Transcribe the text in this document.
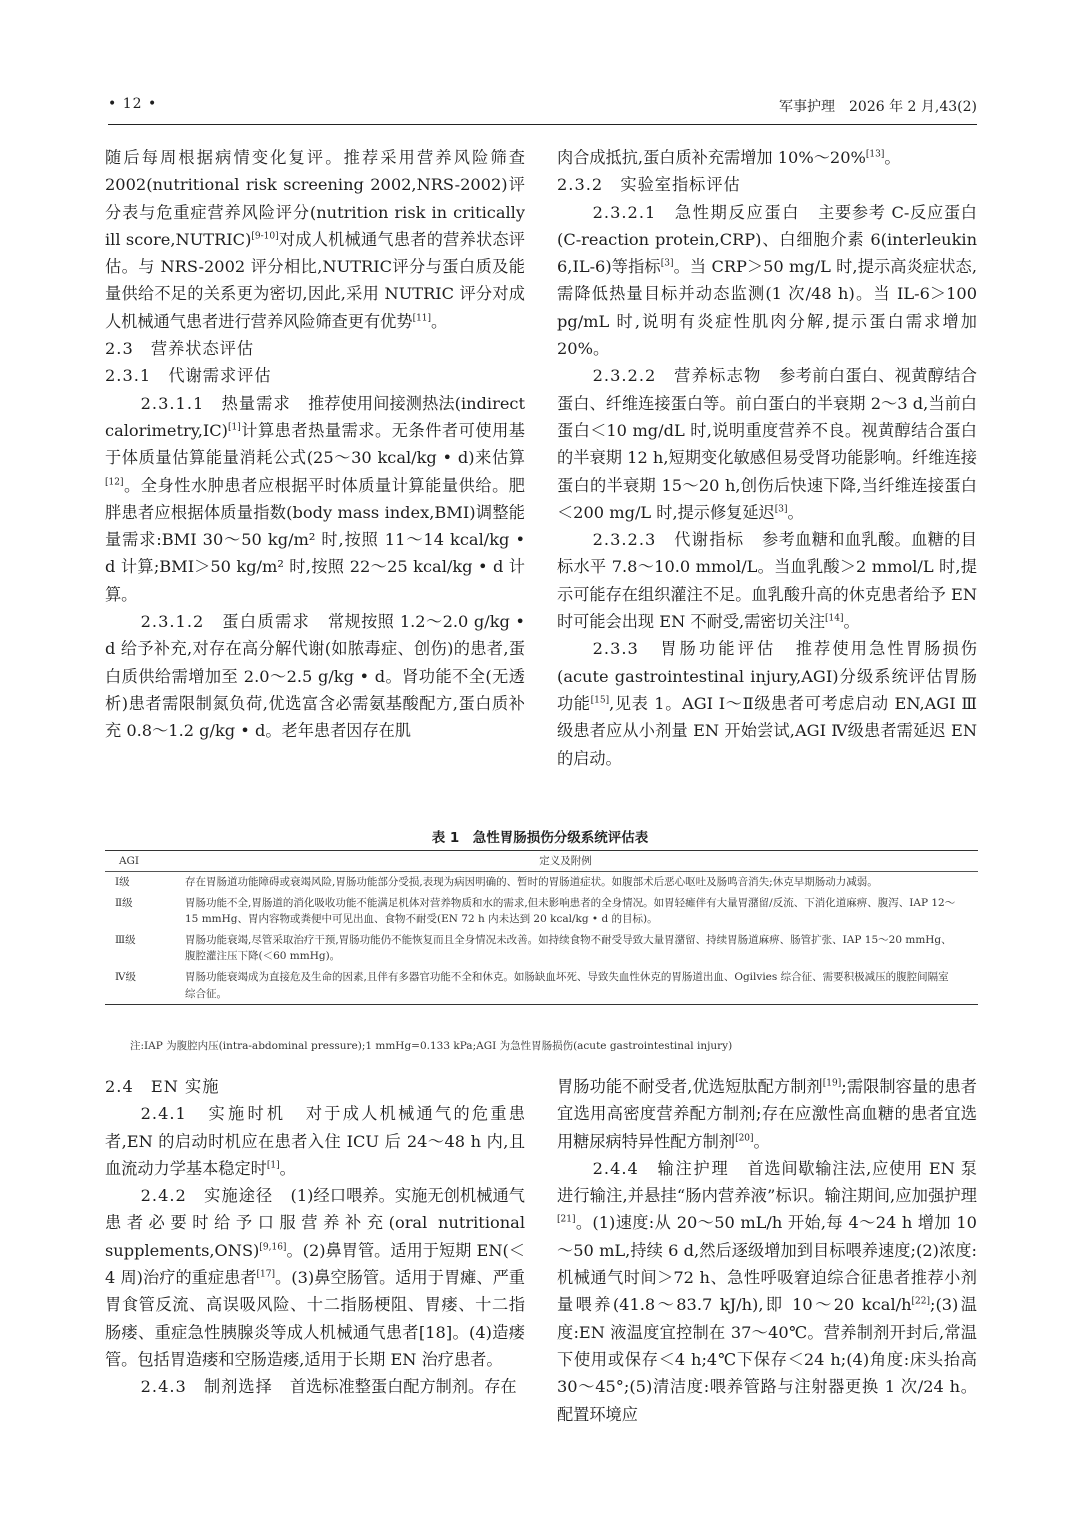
• 12 •	军事护理　2026 年 2 月,43(2)

随后每周根据病情变化复评。推荐采用营养风险筛查 2002(nutritional risk screening 2002,NRS-2002)评分表与危重症营养风险评分(nutrition risk in critically ill score,NUTRIC)[9-10]对成人机械通气患者的营养状态评估。与 NRS-2002 评分相比,NUTRIC评分与蛋白质及能量供给不足的关系更为密切,因此,采用 NUTRIC 评分对成人机械通气患者进行营养风险筛查更有优势[11]。

2.3　营养状态评估

2.3.1　代谢需求评估

2.3.1.1　热量需求　推荐使用间接测热法(indirect calorimetry,IC)[1]计算患者热量需求。无条件者可使用基于体质量估算能量消耗公式(25～30 kcal/kg • d)来估算[12]。全身性水肿患者应根据平时体质量计算能量供给。肥胖患者应根据体质量指数(body mass index,BMI)调整能量需求:BMI 30～50 kg/m² 时,按照 11～14 kcal/kg • d 计算;BMI＞50 kg/m² 时,按照 22～25 kcal/kg • d 计算。

2.3.1.2　蛋白质需求　常规按照 1.2～2.0 g/kg • d 给予补充,对存在高分解代谢(如脓毒症、创伤)的患者,蛋白质供给需增加至 2.0～2.5 g/kg • d。肾功能不全(无透析)患者需限制氮负荷,优选富含必需氨基酸配方,蛋白质补充 0.8～1.2 g/kg • d。老年患者因存在肌

肉合成抵抗,蛋白质补充需增加 10%～20%[13]。

2.3.2　实验室指标评估

2.3.2.1　急性期反应蛋白　主要参考 C-反应蛋白(C-reaction protein,CRP)、白细胞介素 6(interleukin 6,IL-6)等指标[3]。当 CRP＞50 mg/L 时,提示高炎症状态,需降低热量目标并动态监测(1 次/48 h)。当 IL-6＞100 pg/mL 时,说明有炎症性肌肉分解,提示蛋白需求增加 20%。

2.3.2.2　营养标志物　参考前白蛋白、视黄醇结合蛋白、纤维连接蛋白等。前白蛋白的半衰期 2～3 d,当前白蛋白＜10 mg/dL 时,说明重度营养不良。视黄醇结合蛋白的半衰期 12 h,短期变化敏感但易受肾功能影响。纤维连接蛋白的半衰期 15～20 h,创伤后快速下降,当纤维连接蛋白＜200 mg/L 时,提示修复延迟[3]。

2.3.2.3　代谢指标　参考血糖和血乳酸。血糖的目标水平 7.8～10.0 mmol/L。当血乳酸＞2 mmol/L 时,提示可能存在组织灌注不足。血乳酸升高的休克患者给予 EN 时可能会出现 EN 不耐受,需密切关注[14]。

2.3.3　胃肠功能评估　推荐使用急性胃肠损伤(acute gastrointestinal injury,AGI)分级系统评估胃肠功能[15],见表 1。AGI Ⅰ～Ⅱ级患者可考虑启动 EN,AGI Ⅲ级患者应从小剂量 EN 开始尝试,AGI Ⅳ级患者需延迟 EN 的启动。

表 1　急性胃肠损伤分级系统评估表
AGI	定义及附例
Ⅰ级	存在胃肠道功能障碍或衰竭风险,胃肠功能部分受损,表现为病因明确的、暂时的胃肠道症状。如腹部术后恶心呕吐及肠鸣音消失;休克早期肠动力减弱。
Ⅱ级	胃肠功能不全,胃肠道的消化吸收功能不能满足机体对营养物质和水的需求,但未影响患者的全身情况。如胃轻瘫伴有大量胃潴留/反流、下消化道麻痹、腹泻、IAP 12～15 mmHg、胃内容物或粪便中可见出血、食物不耐受(EN 72 h 内未达到 20 kcal/kg • d 的目标)。
Ⅲ级	胃肠功能衰竭,尽管采取治疗干预,胃肠功能仍不能恢复而且全身情况未改善。如持续食物不耐受导致大量胃潴留、持续胃肠道麻痹、肠管扩张、IAP 15～20 mmHg、腹腔灌注压下降(＜60 mmHg)。
Ⅳ级	胃肠功能衰竭成为直接危及生命的因素,且伴有多器官功能不全和休克。如肠缺血坏死、导致失血性休克的胃肠道出血、Ogilvies 综合征、需要积极减压的腹腔间隔室综合征。
注:IAP 为腹腔内压(intra-abdominal pressure);1 mmHg=0.133 kPa;AGI 为急性胃肠损伤(acute gastrointestinal injury)

2.4　EN 实施

2.4.1　实施时机　对于成人机械通气的危重患者,EN 的启动时机应在患者入住 ICU 后 24～48 h 内,且血流动力学基本稳定时[1]。

2.4.2　实施途径　(1)经口喂养。实施无创机械通气患者必要时给予口服营养补充(oral nutritional supplements,ONS)[9,16]。(2)鼻胃管。适用于短期 EN(＜4 周)治疗的重症患者[17]。(3)鼻空肠管。适用于胃瘫、严重胃食管反流、高误吸风险、十二指肠梗阻、胃瘘、十二指肠瘘、重症急性胰腺炎等成人机械通气患者[18]。(4)造瘘管。包括胃造瘘和空肠造瘘,适用于长期 EN 治疗患者。

2.4.3　制剂选择　首选标准整蛋白配方制剂。存在

胃肠功能不耐受者,优选短肽配方制剂[19];需限制容量的患者宜选用高密度营养配方制剂;存在应激性高血糖的患者宜选用糖尿病特异性配方制剂[20]。

2.4.4　输注护理　首选间歇输注法,应使用 EN 泵进行输注,并悬挂“肠内营养液”标识。输注期间,应加强护理[21]。(1)速度:从 20～50 mL/h 开始,每 4～24 h 增加 10～50 mL,持续 6 d,然后逐级增加到目标喂养速度;(2)浓度:机械通气时间＞72 h、急性呼吸窘迫综合征患者推荐小剂量喂养(41.8～83.7 kJ/h),即 10～20 kcal/h[22];(3)温度:EN 液温度宜控制在 37～40℃。营养制剂开封后,常温下使用或保存＜4 h;4℃下保存＜24 h;(4)角度:床头抬高 30～45°;(5)清洁度:喂养管路与注射器更换 1 次/24 h。配置环境应
